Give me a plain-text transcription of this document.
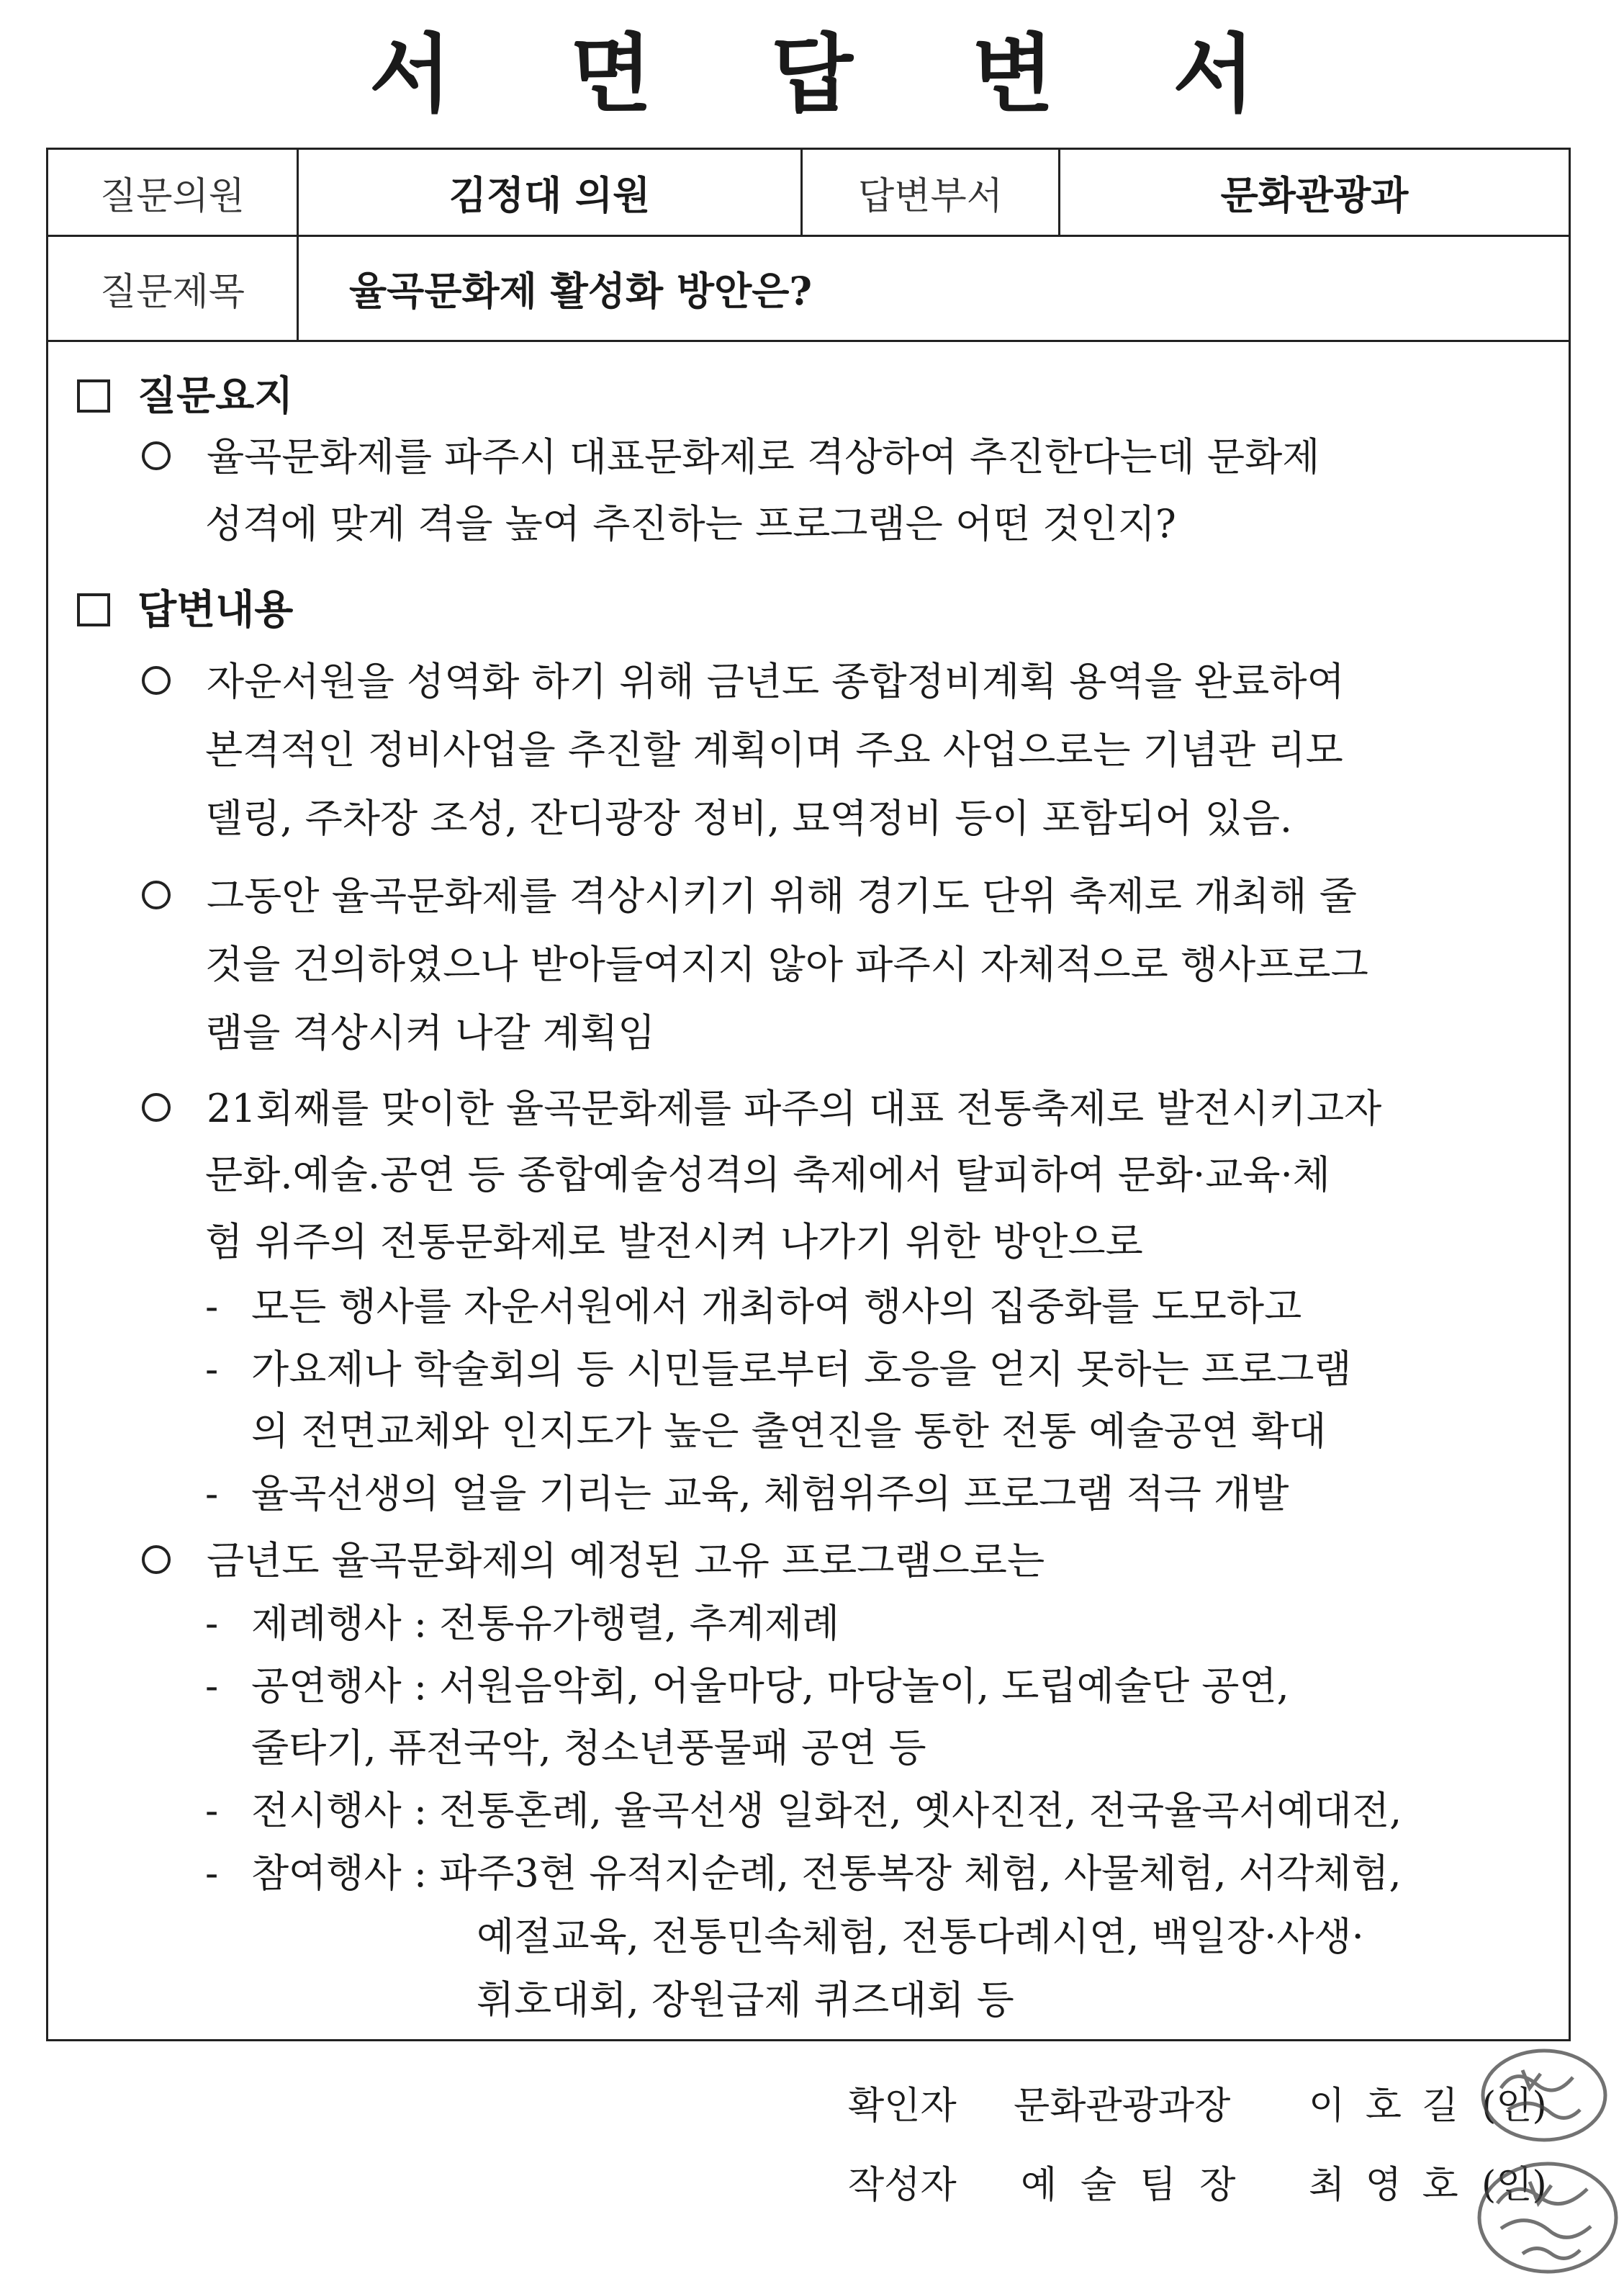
서 면 답 변 서
질문의원	김정대 의원	답변부서	문화관광과
질문제목	율곡문화제 활성화 방안은?
질문요지
율곡문화제를 파주시 대표문화제로 격상하여 추진한다는데 문화제
성격에 맞게 격을 높여 추진하는 프로그램은 어떤 것인지?
답변내용
자운서원을 성역화 하기 위해 금년도 종합정비계획 용역을 완료하여
본격적인 정비사업을 추진할 계획이며 주요 사업으로는 기념관 리모
델링, 주차장 조성, 잔디광장 정비, 묘역정비 등이 포함되어 있음.
그동안 율곡문화제를 격상시키기 위해 경기도 단위 축제로 개최해 줄
것을 건의하였으나 받아들여지지 않아 파주시 자체적으로 행사프로그
램을 격상시켜 나갈 계획임
21회째를 맞이한 율곡문화제를 파주의 대표 전통축제로 발전시키고자
문화.예술.공연 등 종합예술성격의 축제에서 탈피하여 문화·교육·체
험 위주의 전통문화제로 발전시켜 나가기 위한 방안으로
- 모든 행사를 자운서원에서 개최하여 행사의 집중화를 도모하고
- 가요제나 학술회의 등 시민들로부터 호응을 얻지 못하는 프로그램
의 전면교체와 인지도가 높은 출연진을 통한 전통 예술공연 확대
- 율곡선생의 얼을 기리는 교육, 체험위주의 프로그램 적극 개발
금년도 율곡문화제의 예정된 고유 프로그램으로는
- 제례행사 : 전통유가행렬, 추계제례
- 공연행사 : 서원음악회, 어울마당, 마당놀이, 도립예술단 공연,
줄타기, 퓨전국악, 청소년풍물패 공연 등
- 전시행사 : 전통혼례, 율곡선생 일화전, 옛사진전, 전국율곡서예대전,
- 참여행사 : 파주3현 유적지순례, 전통복장 체험, 사물체험, 서각체험,
예절교육, 전통민속체험, 전통다례시연, 백일장·사생·
휘호대회, 장원급제 퀴즈대회 등
확인자 문화관광과장 이 호 길 (인)
작성자 예 술 팀 장 최 영 호 (인)
